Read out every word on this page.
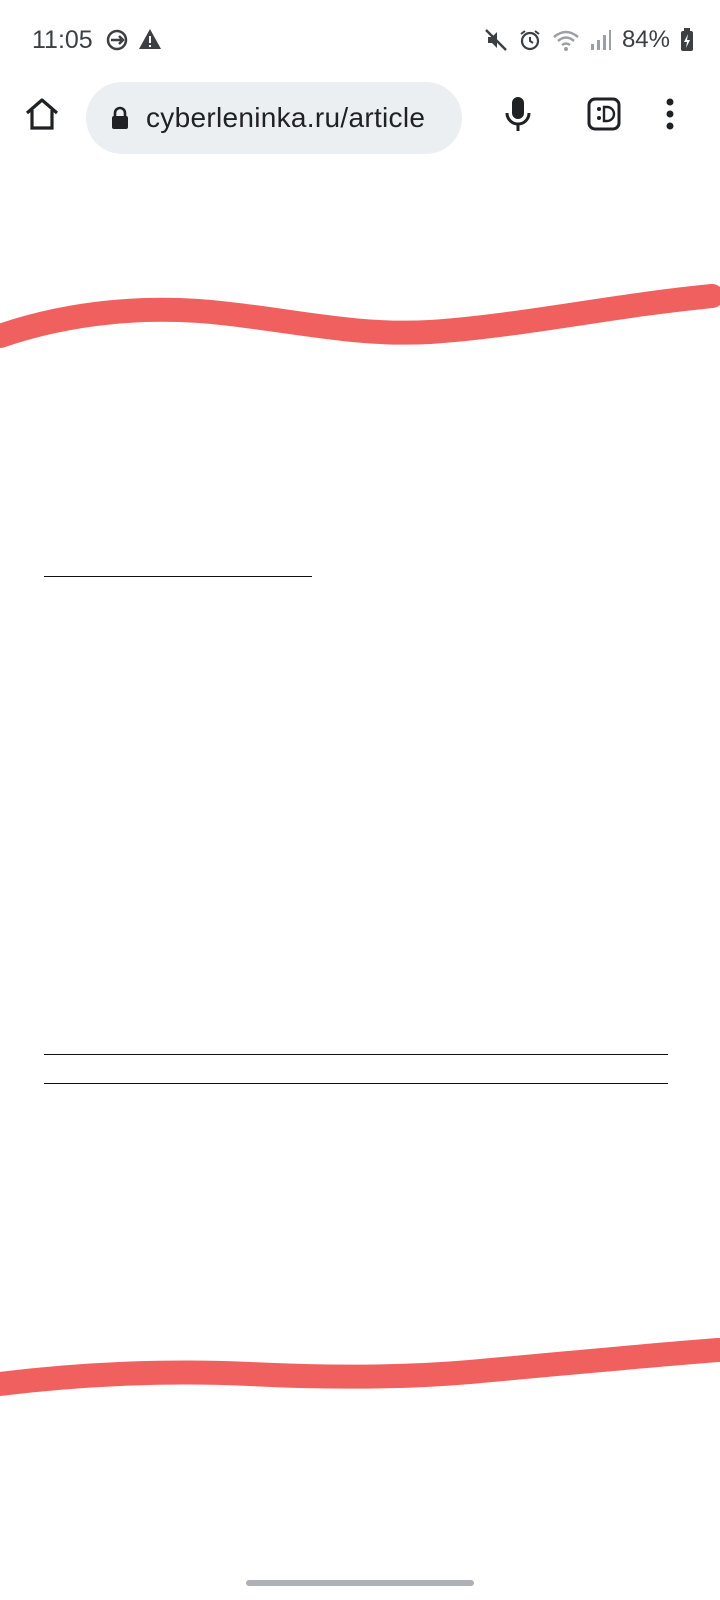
11:05	84%
cyberleninka.ru/article
